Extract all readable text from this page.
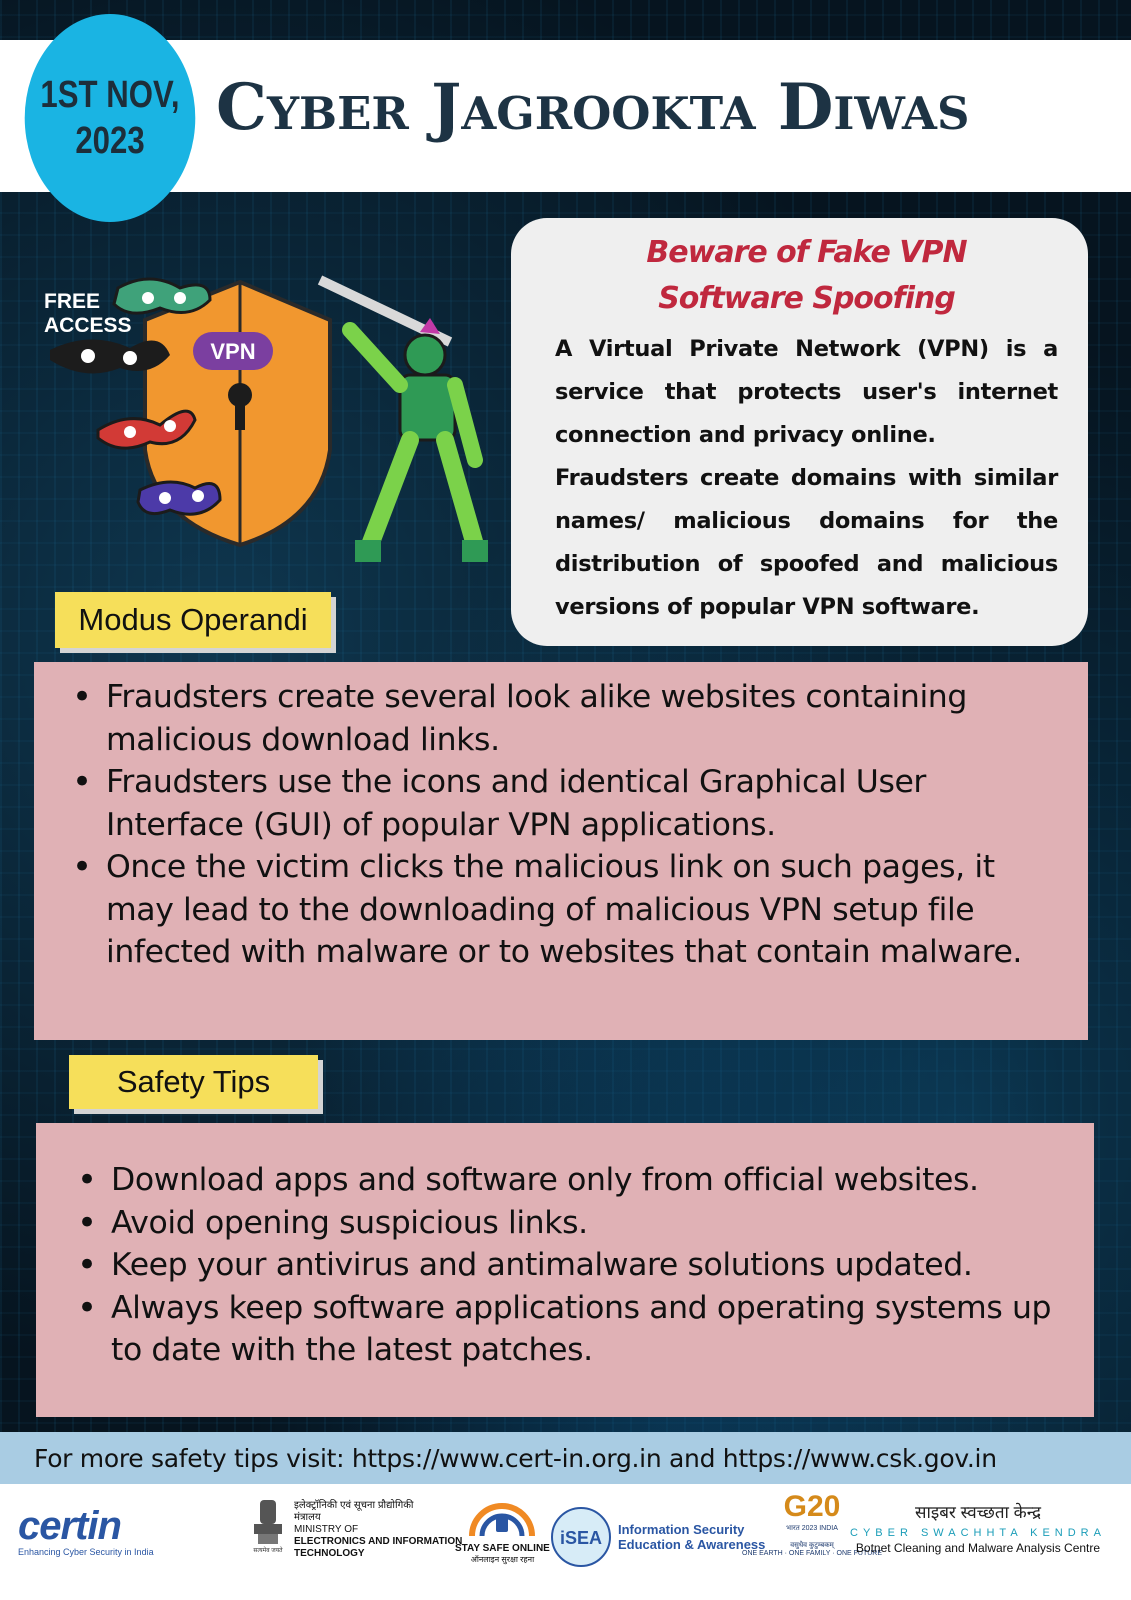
1ST NOV,
2023 Cyber Jagrookta Diwas
FREE
ACCESS
VPN
Beware of Fake VPN
Software Spoofing

A Virtual Private Network (VPN) is a service that protects user's internet connection and privacy online.

Fraudsters create domains with similar names/ malicious domains for the distribution of spoofed and malicious versions of popular VPN software.

Modus Operandi
• Fraudsters create several look alike websites containing malicious download links.
• Fraudsters use the icons and identical Graphical User Interface (GUI) of popular VPN applications.
• Once the victim clicks the malicious link on such pages, it may lead to the downloading of malicious VPN setup file infected with malware or to websites that contain malware.
Safety Tips
• Download apps and software only from official websites.
• Avoid opening suspicious links.
• Keep your antivirus and antimalware solutions updated.
• Always keep software applications and operating systems up to date with the latest patches.
For more safety tips visit: https://www.cert-in.org.in and https://www.csk.gov.in
certin
Enhancing Cyber Security in India	सत्यमेव जयते
इलेक्ट्रॉनिकी एवं सूचना प्रौद्योगिकी मंत्रालय
MINISTRY OF
ELECTRONICS AND INFORMATION TECHNOLOGY	STAY SAFE ONLINE
ऑनलाइन सुरक्षा रहना
iSEA Information Security
Education & Awareness
G20
भारत 2023 INDIA
वसुधैव कुटुम्बकम्
ONE EARTH · ONE FAMILY · ONE FUTURE
साइबर स्वच्छता केन्द्र
CYBER SWACHHTA KENDRA
Botnet Cleaning and Malware Analysis Centre
